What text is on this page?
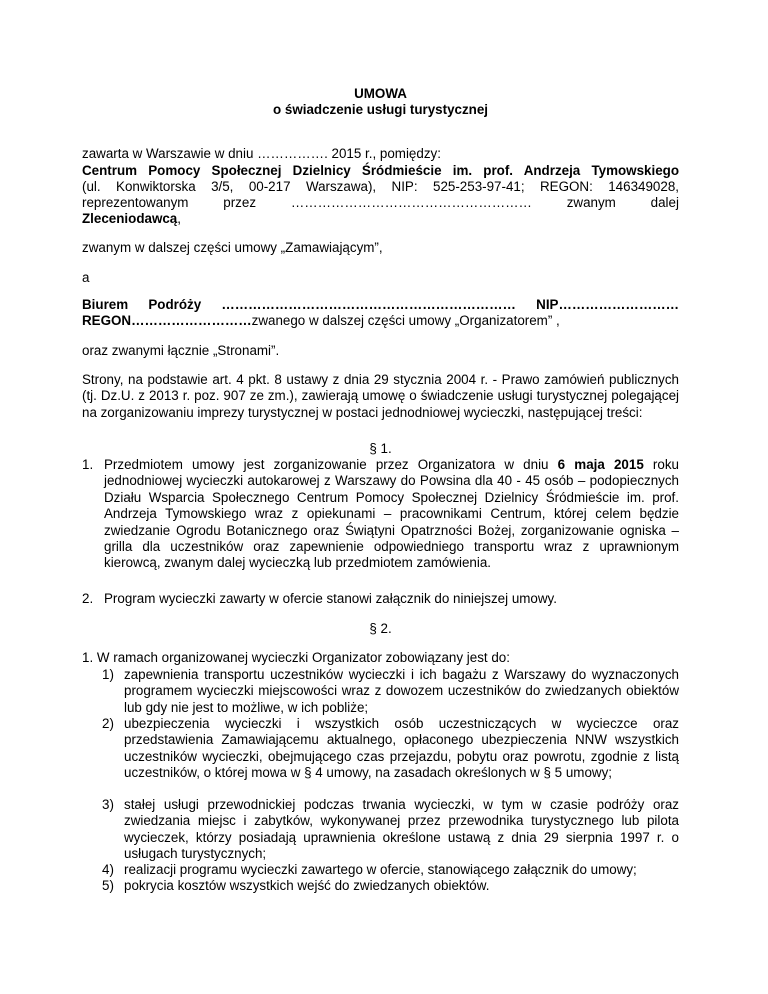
UMOWA
o świadczenie usługi turystycznej
zawarta w Warszawie w dniu ……………. 2015 r., pomiędzy:
Centrum Pomocy Społecznej Dzielnicy Śródmieście im. prof. Andrzeja Tymowskiego
(ul. Konwiktorska 3/5, 00-217 Warszawa), NIP: 525-253-97-41; REGON: 146349028,
reprezentowanym	przez	………………………………………………	zwanym	dalej
Zleceniodawcą,
zwanym w dalszej części umowy „Zamawiającym”,
a
Biurem Podróży ………………………………………………………… NIP………………………
REGON………………………zwanego w dalszej części umowy „Organizatorem” ,
oraz zwanymi łącznie „Stronami”.
Strony, na podstawie art. 4 pkt. 8 ustawy z dnia 29 stycznia 2004 r. - Prawo zamówień publicznych (tj. Dz.U. z 2013 r. poz. 907 ze zm.), zawierają umowę o świadczenie usługi turystycznej polegającej na zorganizowaniu imprezy turystycznej w postaci jednodniowej wycieczki, następującej treści:
§ 1.
1. Przedmiotem umowy jest zorganizowanie przez Organizatora w dniu 6 maja 2015 roku jednodniowej wycieczki autokarowej z Warszawy do Powsina dla 40 - 45 osób – podopiecznych Działu Wsparcia Społecznego Centrum Pomocy Społecznej Dzielnicy Śródmieście im. prof. Andrzeja Tymowskiego wraz z opiekunami – pracownikami Centrum, której celem będzie zwiedzanie Ogrodu Botanicznego oraz Świątyni Opatrzności Bożej, zorganizowanie ogniska – grilla dla uczestników oraz zapewnienie odpowiedniego transportu wraz z uprawnionym kierowcą, zwanym dalej wycieczką lub przedmiotem zamówienia.
2. Program wycieczki zawarty w ofercie stanowi załącznik do niniejszej umowy.
§ 2.
1. W ramach organizowanej wycieczki Organizator zobowiązany jest do:
1) zapewnienia transportu uczestników wycieczki i ich bagażu z Warszawy do wyznaczonych programem wycieczki miejscowości wraz z dowozem uczestników do zwiedzanych obiektów lub gdy nie jest to możliwe, w ich pobliże;
2) ubezpieczenia wycieczki i wszystkich osób uczestniczących w wycieczce oraz przedstawienia Zamawiającemu aktualnego, opłaconego ubezpieczenia NNW wszystkich uczestników wycieczki, obejmującego czas przejazdu, pobytu oraz powrotu, zgodnie z listą uczestników, o której mowa w § 4 umowy, na zasadach określonych w § 5 umowy;
3) stałej usługi przewodnickiej podczas trwania wycieczki, w tym w czasie podróży oraz zwiedzania miejsc i zabytków, wykonywanej przez przewodnika turystycznego lub pilota wycieczek, którzy posiadają uprawnienia określone ustawą z dnia 29 sierpnia 1997 r. o usługach turystycznych;
4) realizacji programu wycieczki zawartego w ofercie, stanowiącego załącznik do umowy;
5) pokrycia kosztów wszystkich wejść do zwiedzanych obiektów.
